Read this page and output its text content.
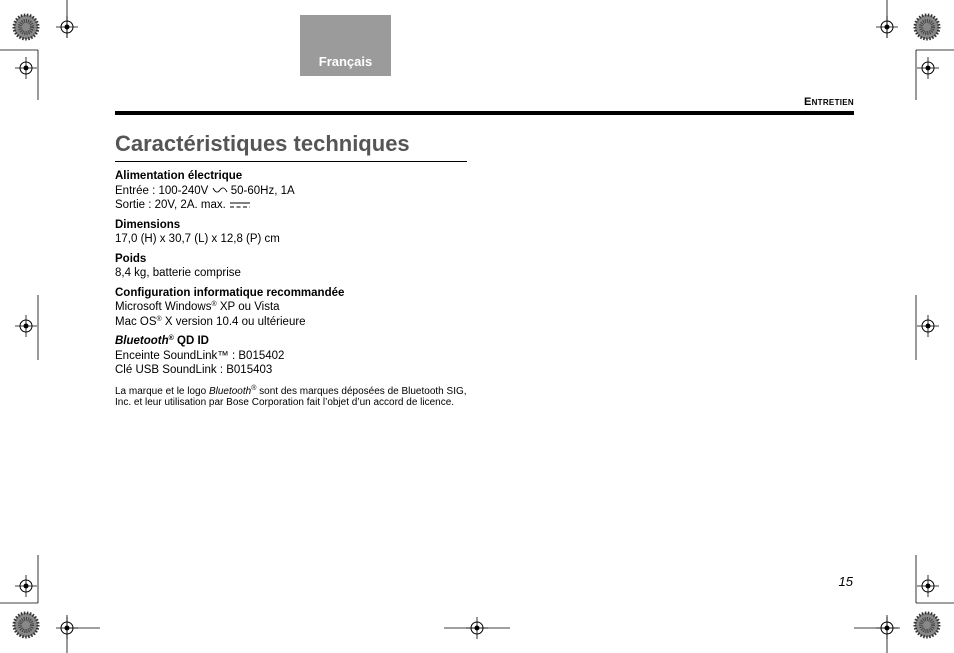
Français
Entretien
Caractéristiques techniques
Alimentation électrique
Entrée : 100-240V 50-60Hz, 1A
Sortie : 20V, 2A. max.
Dimensions
17,0 (H) x 30,7 (L) x 12,8 (P) cm
Poids
8,4 kg, batterie comprise
Configuration informatique recommandée
Microsoft Windows® XP ou Vista
Mac OS® X version 10.4 ou ultérieure
Bluetooth® QD ID
Enceinte SoundLink™ : B015402
Clé USB SoundLink : B015403
La marque et le logo Bluetooth® sont des marques déposées de Bluetooth SIG, Inc. et leur utilisation par Bose Corporation fait l’objet d’un accord de licence.
15
